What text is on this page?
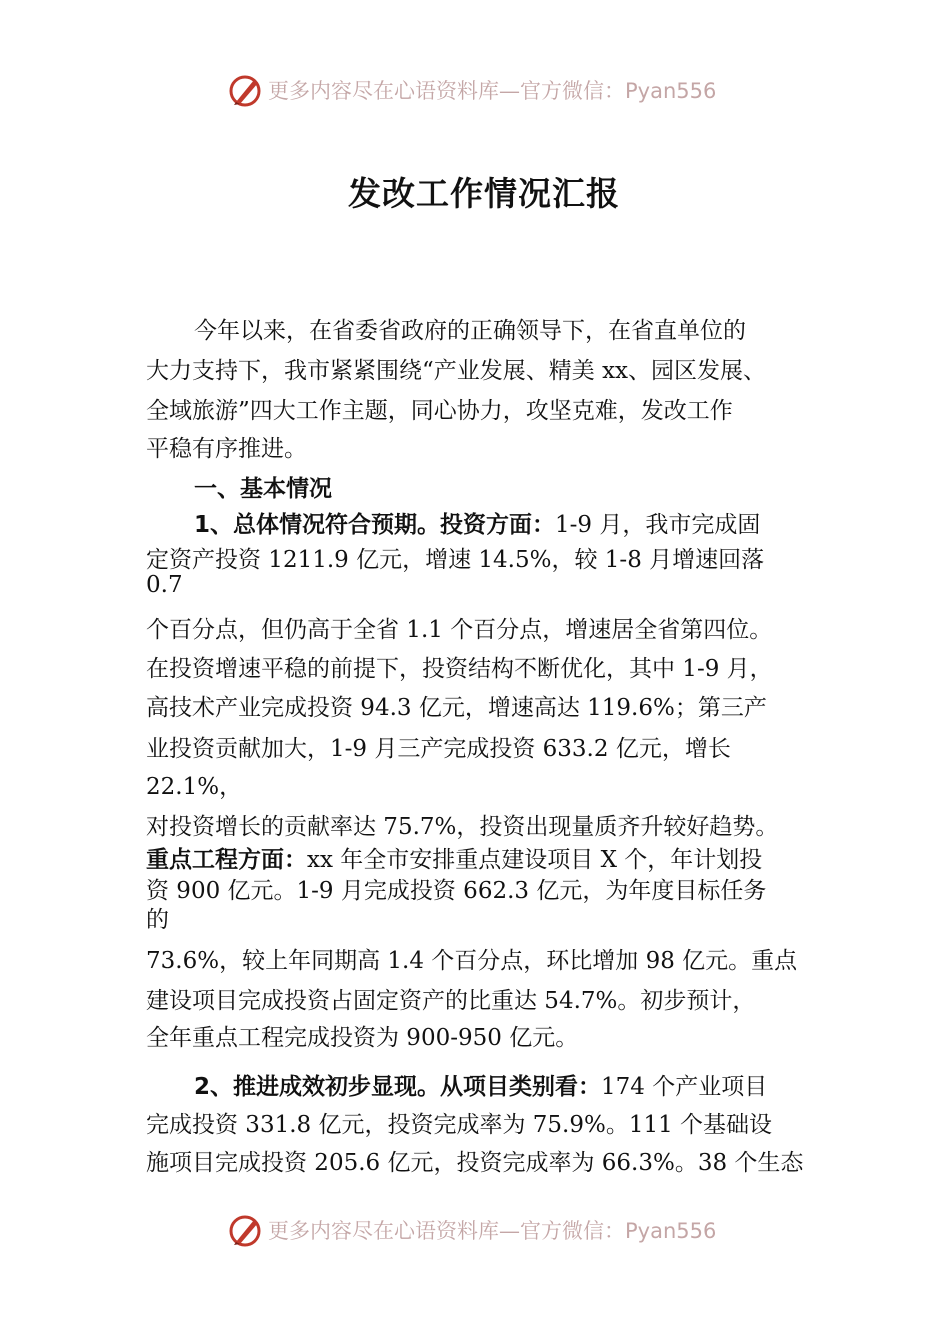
更多内容尽在心语资料库—官方微信：Pyan556
发改工作情况汇报
今年以来，在省委省政府的正确领导下，在省直单位的
大力支持下，我市紧紧围绕“产业发展、精美 xx、园区发展、
全域旅游”四大工作主题，同心协力，攻坚克难，发改工作
平稳有序推进。
一、基本情况
1、总体情况符合预期。投资方面：1-9 月，我市完成固
定资产投资 1211.9 亿元，增速 14.5%，较 1-8 月增速回落
0.7
个百分点，但仍高于全省 1.1 个百分点，增速居全省第四位。
在投资增速平稳的前提下，投资结构不断优化，其中 1-9 月，
高技术产业完成投资 94.3 亿元，增速高达 119.6%；第三产
业投资贡献加大，1-9 月三产完成投资 633.2 亿元，增长
22.1%，
对投资增长的贡献率达 75.7%，投资出现量质齐升较好趋势。
重点工程方面：xx 年全市安排重点建设项目 X 个，年计划投
资 900 亿元。1-9 月完成投资 662.3 亿元，为年度目标任务
的
73.6%，较上年同期高 1.4 个百分点，环比增加 98 亿元。重点
建设项目完成投资占固定资产的比重达 54.7%。初步预计，
全年重点工程完成投资为 900-950 亿元。
2、推进成效初步显现。从项目类别看：174 个产业项目
完成投资 331.8 亿元，投资完成率为 75.9%。111 个基础设
施项目完成投资 205.6 亿元，投资完成率为 66.3%。38 个生态
更多内容尽在心语资料库—官方微信：Pyan556
